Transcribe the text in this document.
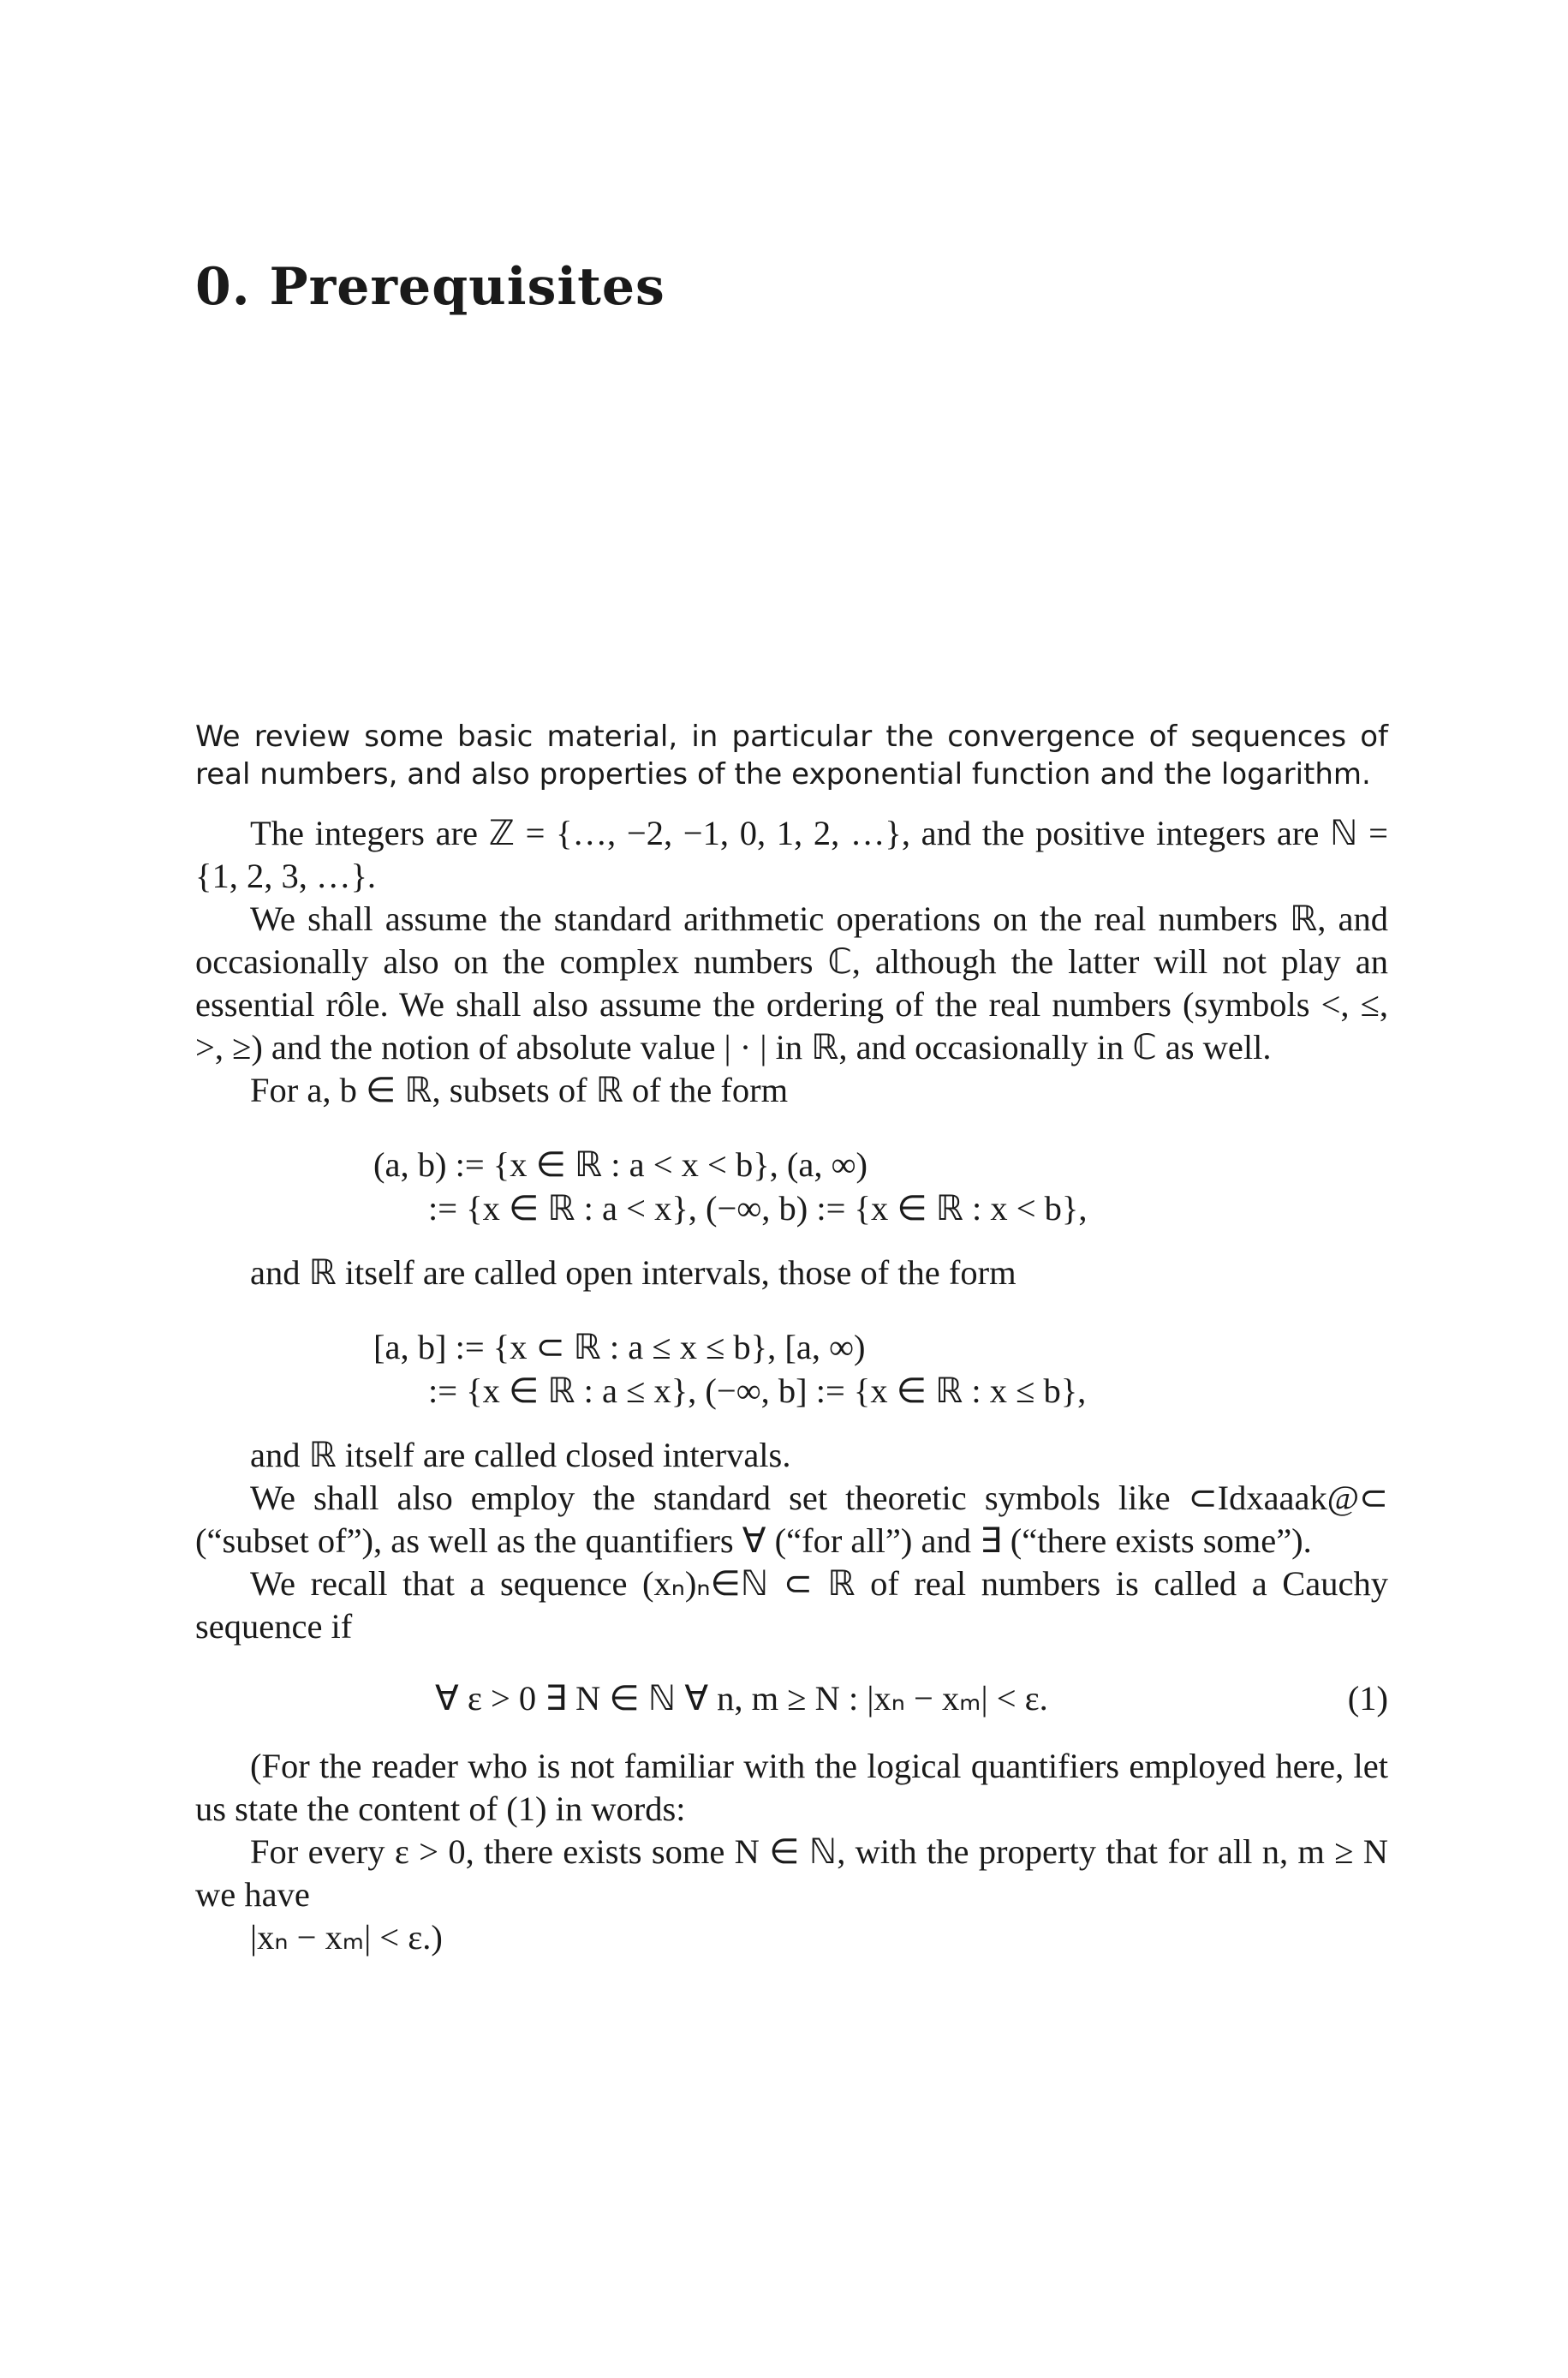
0. Prerequisites

We review some basic material, in particular the convergence of sequences of real numbers, and also properties of the exponential function and the logarithm.

The integers are ℤ = {…, −2, −1, 0, 1, 2, …}, and the positive integers are ℕ = {1, 2, 3, …}.

We shall assume the standard arithmetic operations on the real numbers ℝ, and occasionally also on the complex numbers ℂ, although the latter will not play an essential rôle. We shall also assume the ordering of the real numbers (symbols <, ≤, >, ≥) and the notion of absolute value | · | in ℝ, and occasionally in ℂ as well.

For a, b ∈ ℝ, subsets of ℝ of the form

(a, b) := {x ∈ ℝ : a < x < b}, (a, ∞)
:= {x ∈ ℝ : a < x}, (−∞, b) := {x ∈ ℝ : x < b},

and ℝ itself are called open intervals, those of the form

[a, b] := {x ⊂ ℝ : a ≤ x ≤ b}, [a, ∞)
:= {x ∈ ℝ : a ≤ x}, (−∞, b] := {x ∈ ℝ : x ≤ b},

and ℝ itself are called closed intervals.

We shall also employ the standard set theoretic symbols like ⊂Idxaaak@⊂ (“subset of”), as well as the quantifiers ∀ (“for all”) and ∃ (“there exists some”).

We recall that a sequence (xₙ)ₙ∈ℕ ⊂ ℝ of real numbers is called a Cauchy sequence if

∀ ε > 0 ∃ N ∈ ℕ ∀ n, m ≥ N : |xₙ − xₘ| < ε.	(1)

(For the reader who is not familiar with the logical quantifiers employed here, let us state the content of (1) in words:

For every ε > 0, there exists some N ∈ ℕ, with the property that for all n, m ≥ N we have

|xₙ − xₘ| < ε.)
